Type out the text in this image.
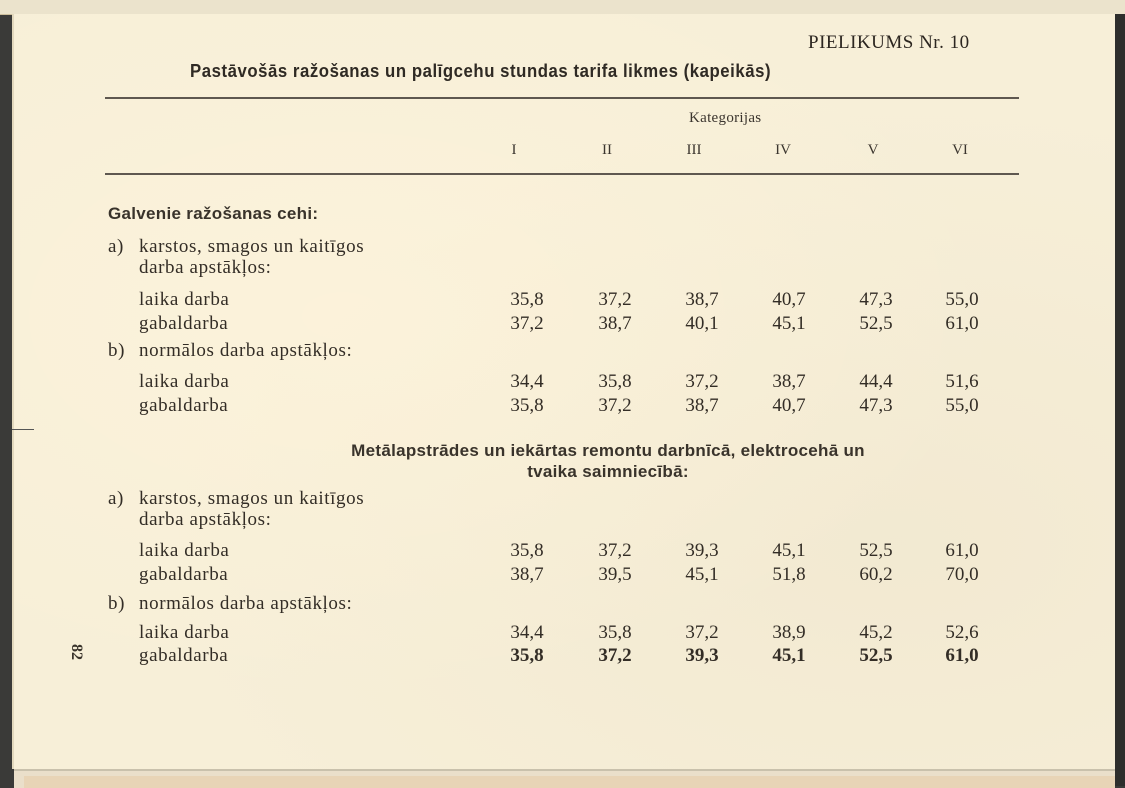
PIELIKUMS Nr. 10
Pastāvošās ražošanas un palīgcehu stundas tarifa likmes (kapeikās)
Kategorijas
I	II	III	IV	V	VI
Galvenie ražošanas cehi:
a) karstos, smagos un kaitīgos
darba apstākļos:
laika darba	35,8	37,2	38,7	40,7	47,3	55,0
gabaldarba	37,2	38,7	40,1	45,1	52,5	61,0
b) normālos darba apstākļos:
laika darba	34,4	35,8	37,2	38,7	44,4	51,6
gabaldarba	35,8	37,2	38,7	40,7	47,3	55,0
Metālapstrādes un iekārtas remontu darbnīcā, elektrocehā un
tvaika saimniecībā:
a) karstos, smagos un kaitīgos
darba apstākļos:
laika darba	35,8	37,2	39,3	45,1	52,5	61,0
gabaldarba	38,7	39,5	45,1	51,8	60,2	70,0
b) normālos darba apstākļos:
laika darba	34,4	35,8	37,2	38,9	45,2	52,6
gabaldarba	35,8	37,2	39,3	45,1	52,5	61,0
82
